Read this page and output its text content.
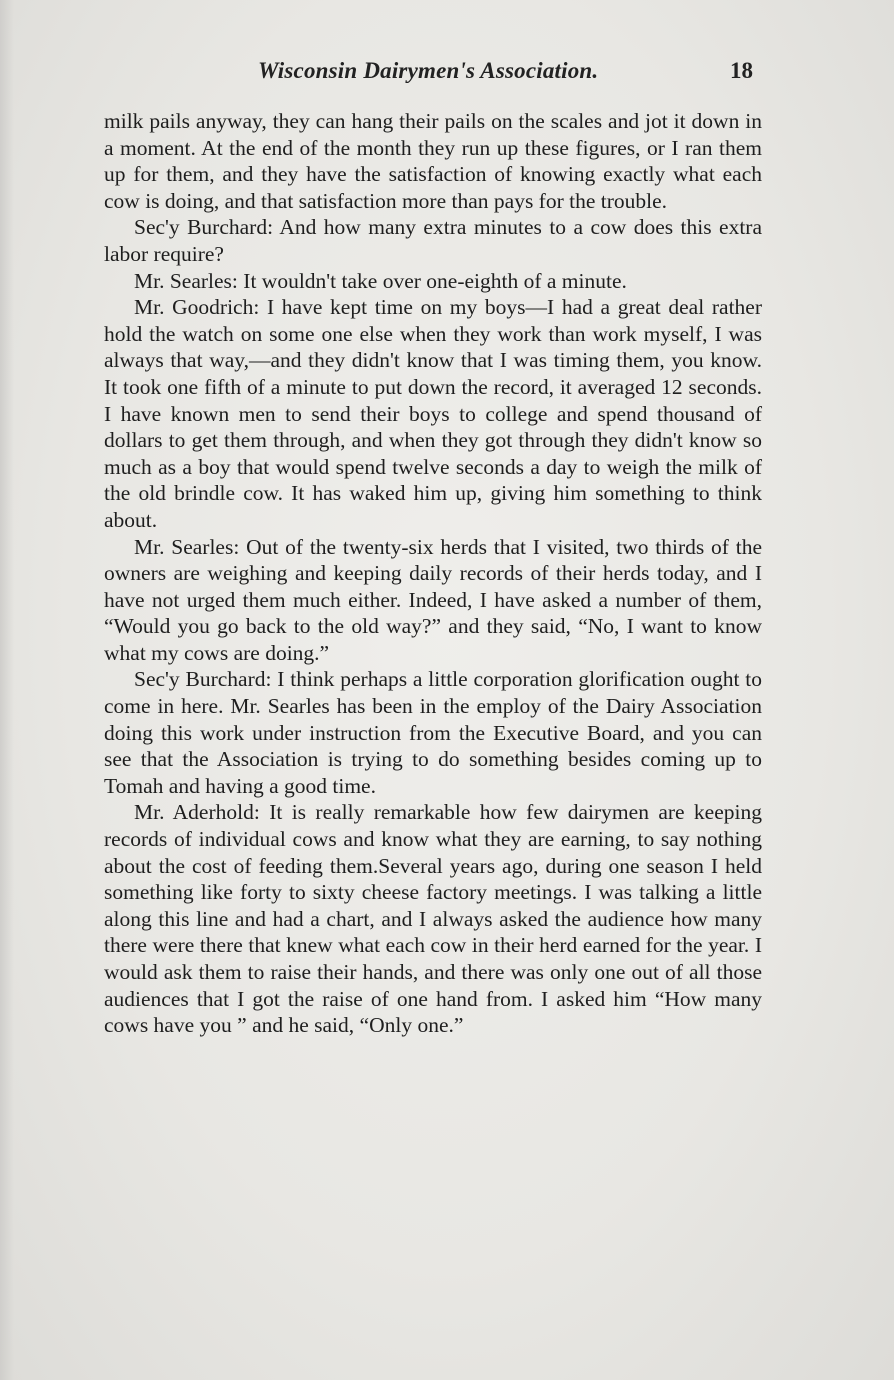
Wisconsin Dairymen's Association.	18

milk pails anyway, they can hang their pails on the scales and jot it down in a moment. At the end of the month they run up these figures, or I ran them up for them, and they have the satisfaction of knowing exactly what each cow is doing, and that satisfaction more than pays for the trouble.

Sec'y Burchard: And how many extra minutes to a cow does this extra labor require?

Mr. Searles: It wouldn't take over one-eighth of a minute.

Mr. Goodrich: I have kept time on my boys—I had a great deal rather hold the watch on some one else when they work than work myself, I was always that way,—and they didn't know that I was timing them, you know. It took one fifth of a minute to put down the record, it averaged 12 seconds. I have known men to send their boys to college and spend thousand of dollars to get them through, and when they got through they didn't know so much as a boy that would spend twelve seconds a day to weigh the milk of the old brindle cow. It has waked him up, giving him something to think about.

Mr. Searles: Out of the twenty-six herds that I visited, two thirds of the owners are weighing and keeping daily records of their herds today, and I have not urged them much either. Indeed, I have asked a number of them, “Would you go back to the old way?” and they said, “No, I want to know what my cows are doing.”

Sec'y Burchard: I think perhaps a little corporation glorification ought to come in here. Mr. Searles has been in the employ of the Dairy Association doing this work under instruction from the Executive Board, and you can see that the Association is trying to do something besides coming up to Tomah and having a good time.

Mr. Aderhold: It is really remarkable how few dairymen are keeping records of individual cows and know what they are earning, to say nothing about the cost of feeding them.Several years ago, during one season I held something like forty to sixty cheese factory meetings. I was talking a little along this line and had a chart, and I always asked the audience how many there were there that knew what each cow in their herd earned for the year. I would ask them to raise their hands, and there was only one out of all those audiences that I got the raise of one hand from. I asked him “How many cows have you ” and he said, “Only one.”
